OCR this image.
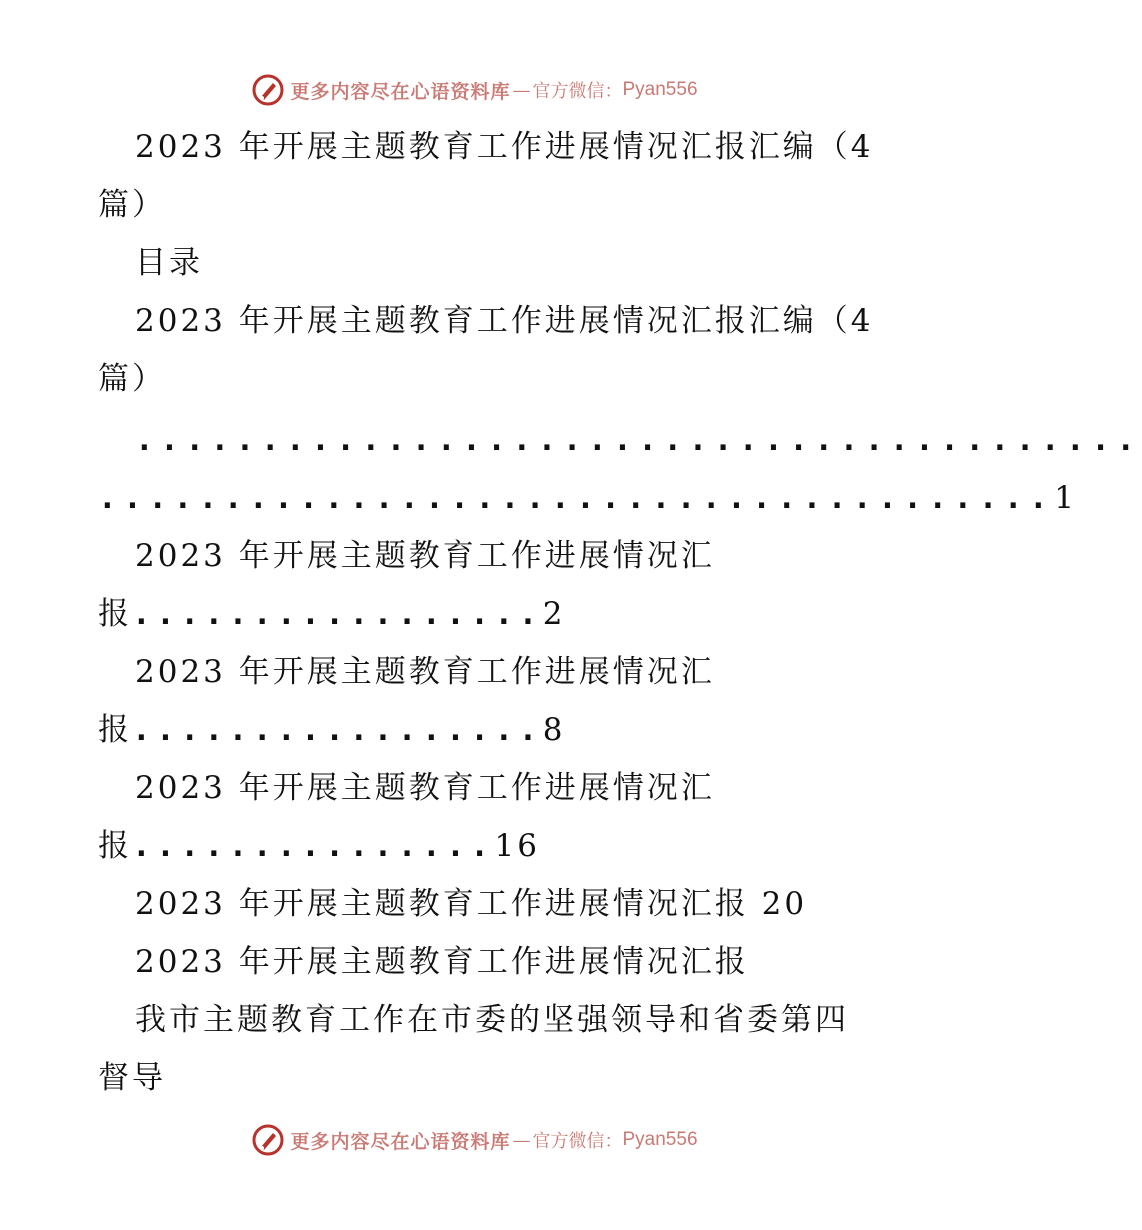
更多内容尽在心语资料库 — 官方微信： Pyan556
2023 年开展主题教育工作进展情况汇报汇编（4
篇）
目录
2023 年开展主题教育工作进展情况汇报汇编（4
篇）
........................................
...................................... 1
2023 年开展主题教育工作进展情况汇
报.................2
2023 年开展主题教育工作进展情况汇
报.................8
2023 年开展主题教育工作进展情况汇
报...............16
2023 年开展主题教育工作进展情况汇报 20
2023 年开展主题教育工作进展情况汇报
我市主题教育工作在市委的坚强领导和省委第四
督导
更多内容尽在心语资料库 — 官方微信： Pyan556
